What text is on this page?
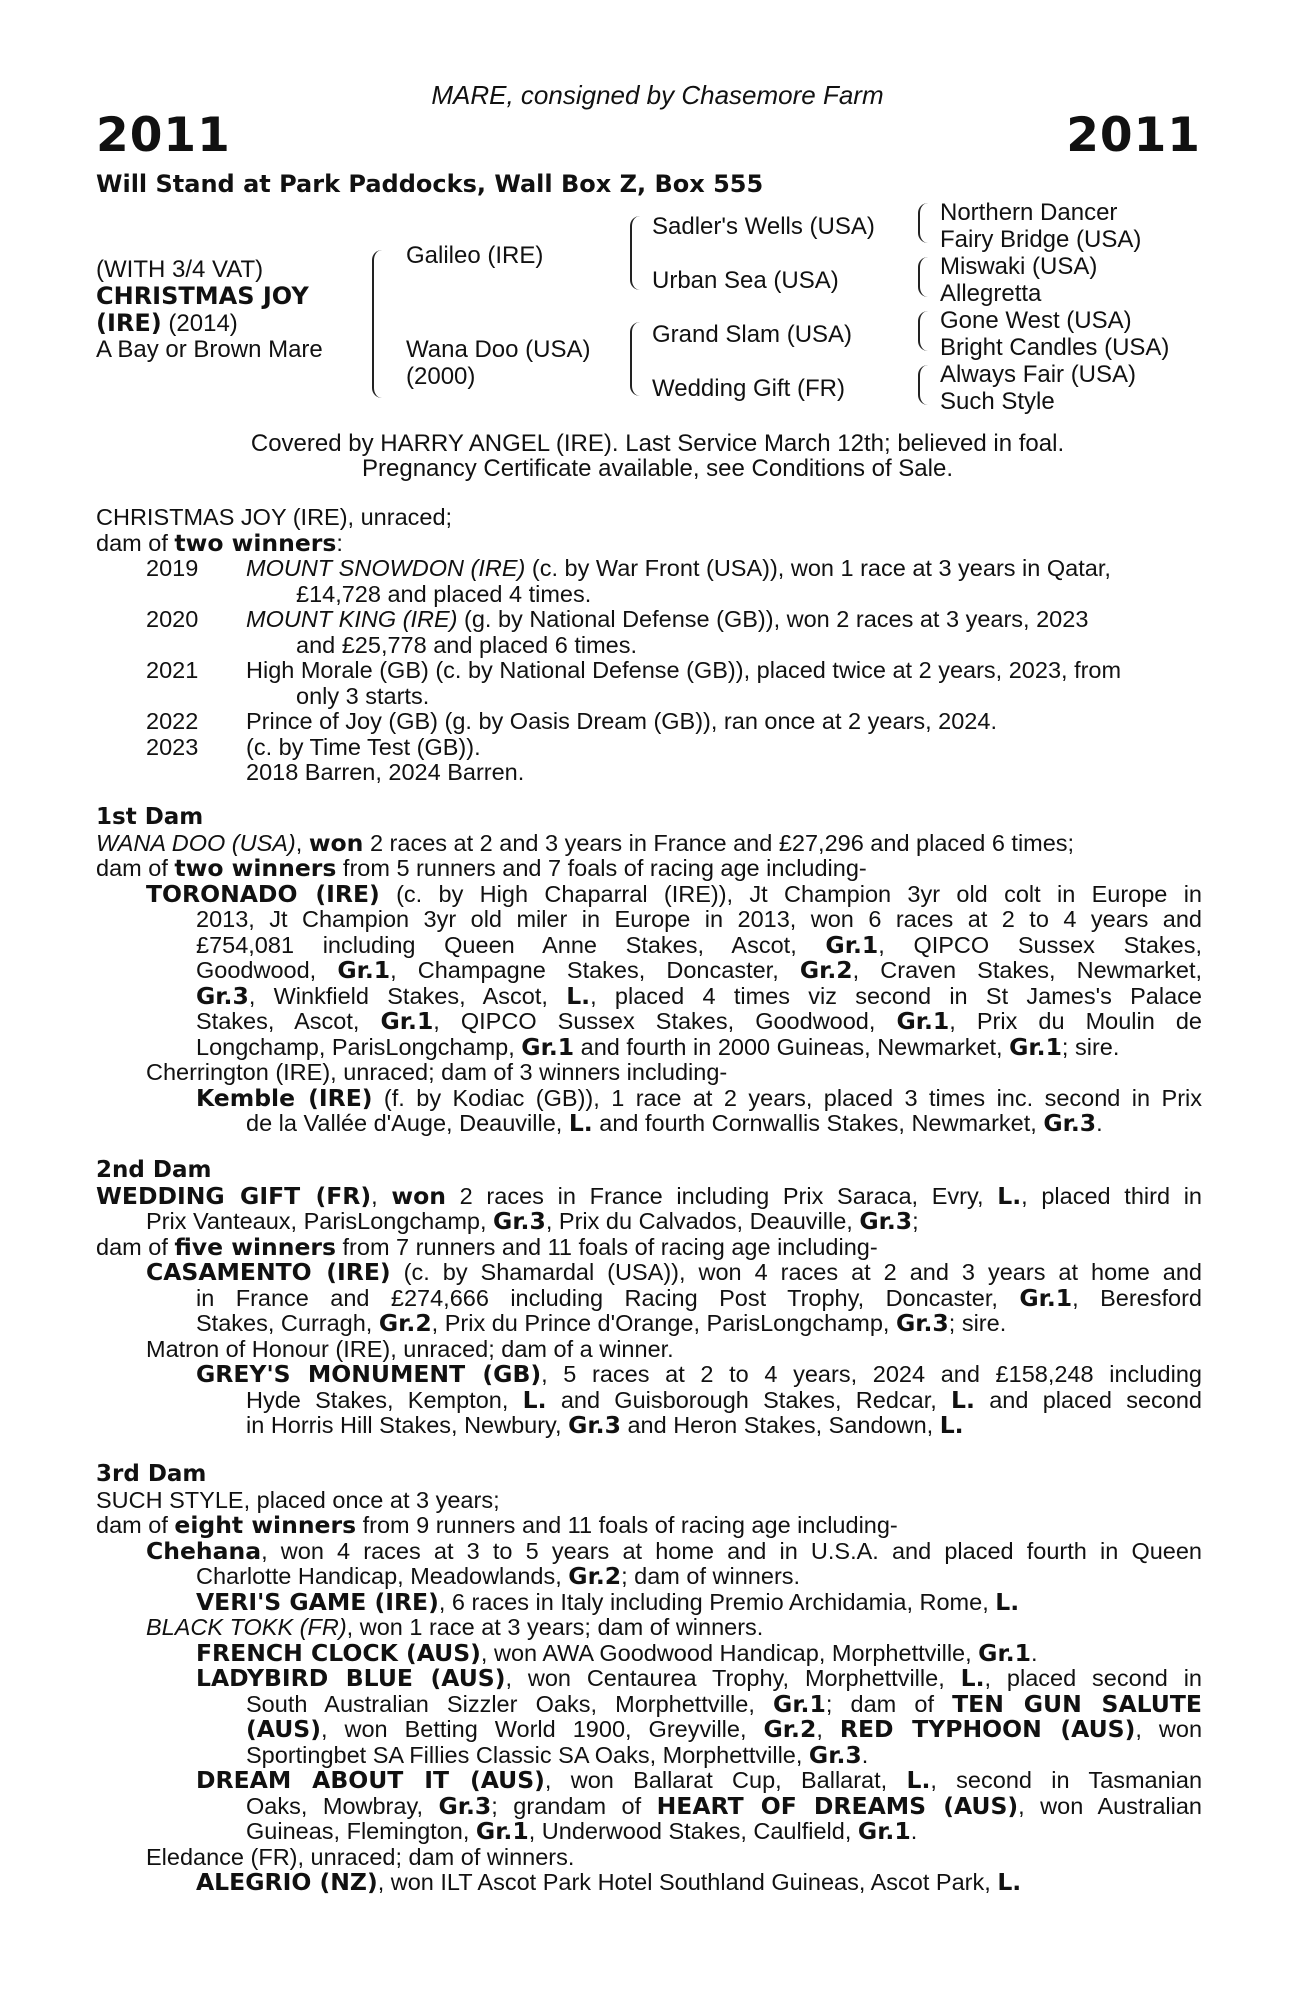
MARE, consigned by Chasemore Farm
2011	2011
Will Stand at Park Paddocks, Wall Box Z, Box 555
(WITH 3/4 VAT)
CHRISTMAS JOY
(IRE) (2014)
A Bay or Brown Mare
Galileo (IRE)
Wana Doo (USA)
(2000)
Sadler's Wells (USA)
Urban Sea (USA)
Grand Slam (USA)
Wedding Gift (FR)
Northern Dancer
Fairy Bridge (USA)
Miswaki (USA)
Allegretta
Gone West (USA)
Bright Candles (USA)
Always Fair (USA)
Such Style
Covered by HARRY ANGEL (IRE). Last Service March 12th; believed in foal.
Pregnancy Certificate available, see Conditions of Sale.
CHRISTMAS JOY (IRE), unraced;
dam of two winners:
2019 MOUNT SNOWDON (IRE) (c. by War Front (USA)), won 1 race at 3 years in Qatar,
£14,728 and placed 4 times.
2020 MOUNT KING (IRE) (g. by National Defense (GB)), won 2 races at 3 years, 2023
and £25,778 and placed 6 times.
2021 High Morale (GB) (c. by National Defense (GB)), placed twice at 2 years, 2023, from
only 3 starts.
2022 Prince of Joy (GB) (g. by Oasis Dream (GB)), ran once at 2 years, 2024.
2023 (c. by Time Test (GB)).
2018 Barren, 2024 Barren.
1st Dam
WANA DOO (USA), won 2 races at 2 and 3 years in France and £27,296 and placed 6 times;
dam of two winners from 5 runners and 7 foals of racing age including-
TORONADO (IRE) (c. by High Chaparral (IRE)), Jt Champion 3yr old colt in Europe in
2013, Jt Champion 3yr old miler in Europe in 2013, won 6 races at 2 to 4 years and
£754,081 including Queen Anne Stakes, Ascot, Gr.1, QIPCO Sussex Stakes,
Goodwood, Gr.1, Champagne Stakes, Doncaster, Gr.2, Craven Stakes, Newmarket,
Gr.3, Winkfield Stakes, Ascot, L., placed 4 times viz second in St James's Palace
Stakes, Ascot, Gr.1, QIPCO Sussex Stakes, Goodwood, Gr.1, Prix du Moulin de
Longchamp, ParisLongchamp, Gr.1 and fourth in 2000 Guineas, Newmarket, Gr.1; sire.
Cherrington (IRE), unraced; dam of 3 winners including-
Kemble (IRE) (f. by Kodiac (GB)), 1 race at 2 years, placed 3 times inc. second in Prix
de la Vallée d'Auge, Deauville, L. and fourth Cornwallis Stakes, Newmarket, Gr.3.
2nd Dam
WEDDING GIFT (FR), won 2 races in France including Prix Saraca, Evry, L., placed third in
Prix Vanteaux, ParisLongchamp, Gr.3, Prix du Calvados, Deauville, Gr.3;
dam of five winners from 7 runners and 11 foals of racing age including-
CASAMENTO (IRE) (c. by Shamardal (USA)), won 4 races at 2 and 3 years at home and
in France and £274,666 including Racing Post Trophy, Doncaster, Gr.1, Beresford
Stakes, Curragh, Gr.2, Prix du Prince d'Orange, ParisLongchamp, Gr.3; sire.
Matron of Honour (IRE), unraced; dam of a winner.
GREY'S MONUMENT (GB), 5 races at 2 to 4 years, 2024 and £158,248 including
Hyde Stakes, Kempton, L. and Guisborough Stakes, Redcar, L. and placed second
in Horris Hill Stakes, Newbury, Gr.3 and Heron Stakes, Sandown, L.
3rd Dam
SUCH STYLE, placed once at 3 years;
dam of eight winners from 9 runners and 11 foals of racing age including-
Chehana, won 4 races at 3 to 5 years at home and in U.S.A. and placed fourth in Queen
Charlotte Handicap, Meadowlands, Gr.2; dam of winners.
VERI'S GAME (IRE), 6 races in Italy including Premio Archidamia, Rome, L.
BLACK TOKK (FR), won 1 race at 3 years; dam of winners.
FRENCH CLOCK (AUS), won AWA Goodwood Handicap, Morphettville, Gr.1.
LADYBIRD BLUE (AUS), won Centaurea Trophy, Morphettville, L., placed second in
South Australian Sizzler Oaks, Morphettville, Gr.1; dam of TEN GUN SALUTE
(AUS), won Betting World 1900, Greyville, Gr.2, RED TYPHOON (AUS), won
Sportingbet SA Fillies Classic SA Oaks, Morphettville, Gr.3.
DREAM ABOUT IT (AUS), won Ballarat Cup, Ballarat, L., second in Tasmanian
Oaks, Mowbray, Gr.3; grandam of HEART OF DREAMS (AUS), won Australian
Guineas, Flemington, Gr.1, Underwood Stakes, Caulfield, Gr.1.
Eledance (FR), unraced; dam of winners.
ALEGRIO (NZ), won ILT Ascot Park Hotel Southland Guineas, Ascot Park, L.
